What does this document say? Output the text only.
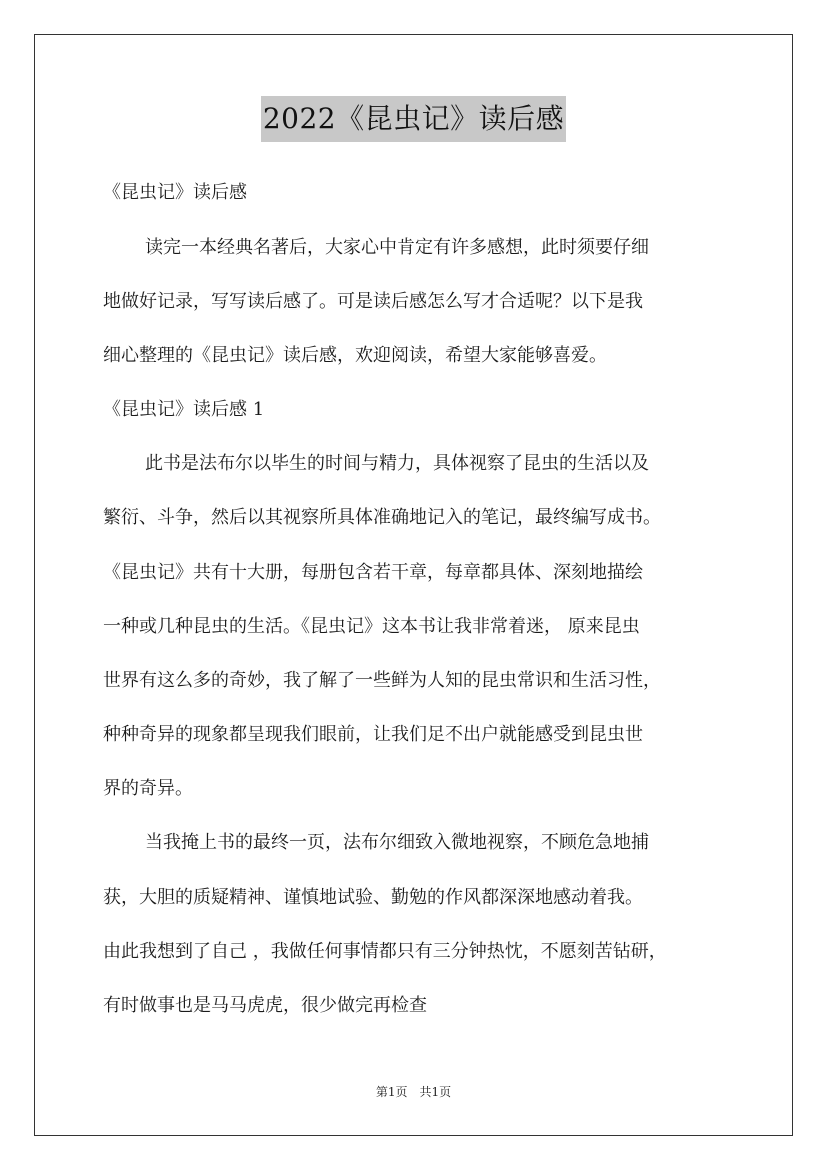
2022《昆虫记》读后感
《昆虫记》读后感
读完一本经典名著后，大家心中肯定有许多感想，此时须要仔细
地做好记录，写写读后感了。可是读后感怎么写才合适呢？以下是我
细心整理的《昆虫记》读后感，欢迎阅读，希望大家能够喜爱。
《昆虫记》读后感 1
此书是法布尔以毕生的时间与精力，具体视察了昆虫的生活以及
繁衍、斗争，然后以其视察所具体准确地记入的笔记，最终编写成书。
《昆虫记》共有十大册，每册包含若干章，每章都具体、深刻地描绘
一种或几种昆虫的生活。《昆虫记》这本书让我非常着迷， 原来昆虫
世界有这么多的奇妙，我了解了一些鲜为人知的昆虫常识和生活习性，
种种奇异的现象都呈现我们眼前，让我们足不出户就能感受到昆虫世
界的奇异。
当我掩上书的最终一页，法布尔细致入微地视察，不顾危急地捕
获，大胆的质疑精神、谨慎地试验、勤勉的作风都深深地感动着我。
由此我想到了自己 ，我做任何事情都只有三分钟热忱，不愿刻苦钻研，
有时做事也是马马虎虎，很少做完再检查
第1页 共1页
